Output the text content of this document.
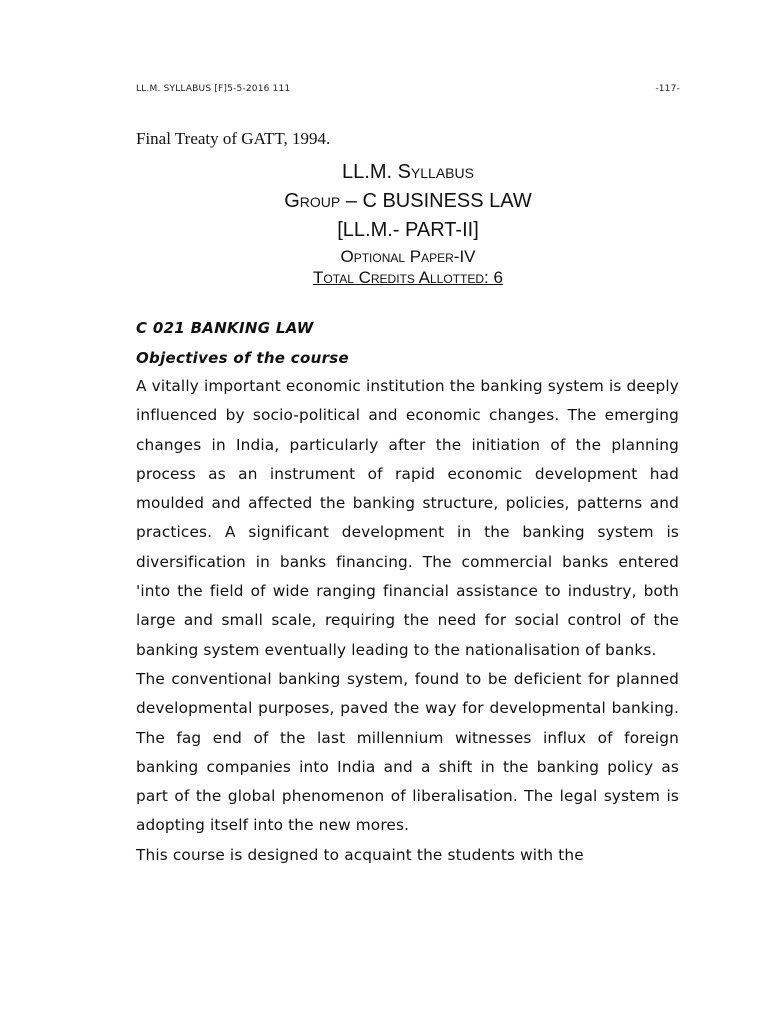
LL.M. SYLLABUS [F]5-5-2016 111	-117-
Final Treaty of GATT, 1994.
LL.M. Syllabus
Group – C BUSINESS LAW
[LL.M.- PART-II]
Optional Paper-IV
Total Credits Allotted: 6

C 021 BANKING LAW

Objectives of the course

A vitally important economic institution the banking system is deeply influenced by socio-political and economic changes. The emerging changes in India, particularly after the initiation of the planning process as an instrument of rapid economic development had moulded and affected the banking structure, policies, patterns and practices. A significant development in the banking system is diversification in banks financing. The commercial banks entered 'into the field of wide ranging financial assistance to industry, both large and small scale, requiring the need for social control of the banking system eventually leading to the nationalisation of banks.

The conventional banking system, found to be deficient for planned developmental purposes, paved the way for developmental banking. The fag end of the last millennium witnesses influx of foreign banking companies into India and a shift in the banking policy as part of the global phenomenon of liberalisation. The legal system is adopting itself into the new mores.

This course is designed to acquaint the students with the
